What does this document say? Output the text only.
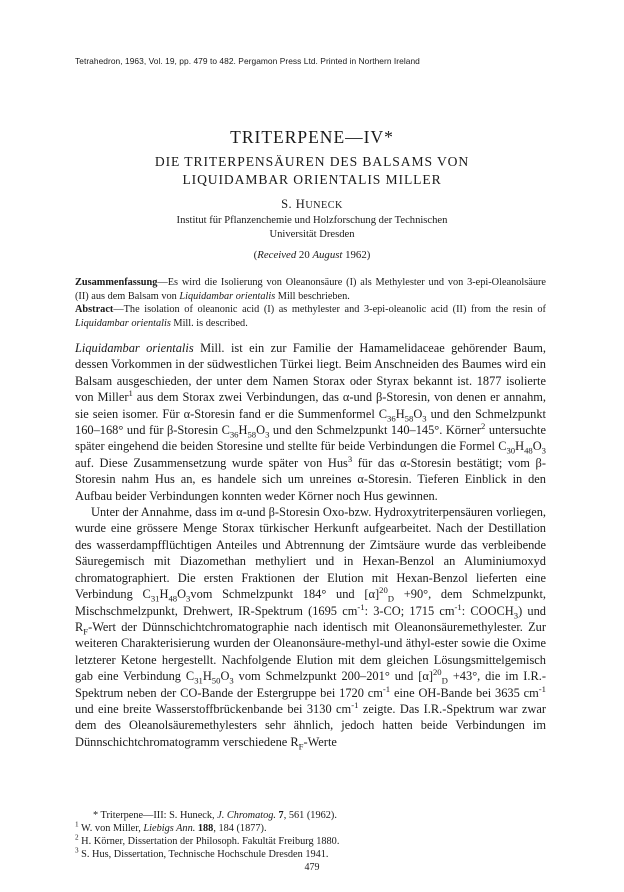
Tetrahedron, 1963, Vol. 19, pp. 479 to 482. Pergamon Press Ltd. Printed in Northern Ireland
TRITERPENE—IV*
DIE TRITERPENSÄUREN DES BALSAMS VON
LIQUIDAMBAR ORIENTALIS MILLER
S. HUNECK
Institut für Pflanzenchemie und Holzforschung der Technischen
Universität Dresden
(Received 20 August 1962)
Zusammenfassung—Es wird die Isolierung von Oleanonsäure (I) als Methylester und von 3-epi-Oleanolsäure (II) aus dem Balsam von Liquidambar orientalis Mill beschrieben.
Abstract—The isolation of oleanonic acid (I) as methylester and 3-epi-oleanolic acid (II) from the resin of Liquidambar orientalis Mill. is described.

Liquidambar orientalis Mill. ist ein zur Familie der Hamamelidaceae gehörender Baum, dessen Vorkommen in der südwestlichen Türkei liegt. Beim Anschneiden des Baumes wird ein Balsam ausgeschieden, der unter dem Namen Storax oder Styrax bekannt ist. 1877 isolierte von Miller$^1$ aus dem Storax zwei Verbindungen, das α-und β-Storesin, von denen er annahm, sie seien isomer. Für α-Storesin fand er die Summenformel $C_{36}H_{58}O_3$ und den Schmelzpunkt 160–168° und für β-Storesin $C_{36}H_{58}O_3$ und den Schmelzpunkt 140–145°. Körner$^2$ untersuchte später eingehend die beiden Storesine und stellte für beide Verbindungen die Formel $C_{30}H_{48}O_3$ auf. Diese Zusammensetzung wurde später von Hus$^3$ für das α-Storesin bestätigt; vom β-Storesin nahm Hus an, es handele sich um unreines α-Storesin. Tieferen Einblick in den Aufbau beider Verbindungen konnten weder Körner noch Hus gewinnen.

Unter der Annahme, dass im α-und β-Storesin Oxo-bzw. Hydroxytriterpensäuren vorliegen, wurde eine grössere Menge Storax türkischer Herkunft aufgearbeitet. Nach der Destillation des wasserdampfflüchtigen Anteiles und Abtrennung der Zimtsäure wurde das verbleibende Säuregemisch mit Diazomethan methyliert und in Hexan-Benzol an Aluminiumoxyd chromatographiert. Die ersten Fraktionen der Elution mit Hexan-Benzol lieferten eine Verbindung $C_{31}H_{48}O_3vom$ Schmelzpunkt 184° und $[\alpha]^{20}_D +90^\circ$, dem Schmelzpunkt, Mischschmelzpunkt, Drehwert, IR-Spektrum (1695 $cm^{-1}$: 3-CO; 1715 $cm^{-1}$: $COOCH_3$) und $R_F$-Wert der Dünnschichtchromatographie nach identisch mit Oleanonsäuremethylester. Zur weiteren Charakterisierung wurden der Oleanonsäure-methyl-und äthyl-ester sowie die Oxime letzterer Ketone hergestellt. Nachfolgende Elution mit dem gleichen Lösungsmittelgemisch gab eine Verbindung $C_{31}H_{50}O_3$ vom Schmelzpunkt 200–201° und $[\alpha]^{20}_D +43^\circ$, die im I.R.-Spektrum neben der CO-Bande der Estergruppe bei 1720 $cm^{-1}$ eine OH-Bande bei 3635 $cm^{-1}$ und eine breite Wasserstoffbrückenbande bei 3130 $cm^{-1}$ zeigte. Das I.R.-Spektrum war zwar dem des Oleanolsäuremethylesters sehr ähnlich, jedoch hatten beide Verbindungen im Dünnschichtchromatogramm verschiedene $R_F$-Werte

* Triterpene—III: S. Huneck, J. Chromatog. 7, 561 (1962).
$^1$ W. von Miller, Liebigs Ann. 188, 184 (1877).
$^2$ H. Körner, Dissertation der Philosoph. Fakultät Freiburg 1880.
$^3$ S. Hus, Dissertation, Technische Hochschule Dresden 1941.
479
